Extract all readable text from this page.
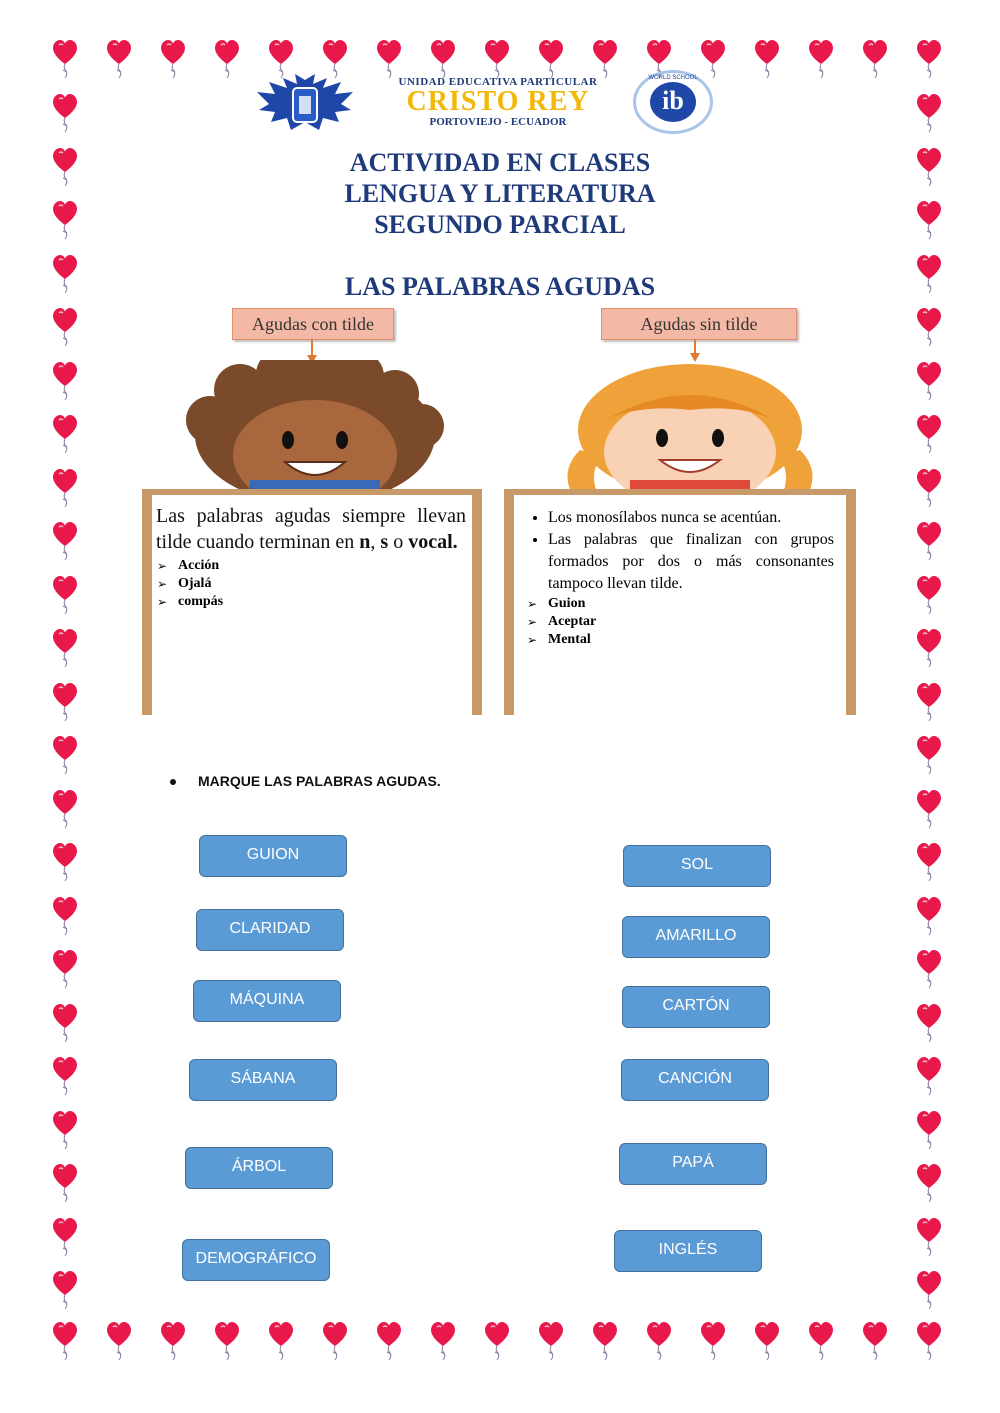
UNIDAD EDUCATIVA PARTICULAR
CRISTO REY
PORTOVIEJO - ECUADOR
WORLD SCHOOL
ib
ACTIVIDAD EN CLASES
LENGUA Y LITERATURA
SEGUNDO PARCIAL
LAS PALABRAS AGUDAS
Agudas con tilde
Las palabras agudas siempre llevan tilde cuando terminan en n, s o vocal.
➢ Acción
➢ Ojalá
➢ compás
Agudas sin tilde
• Los monosílabos nunca se acentúan.
• Las palabras que finalizan con grupos formados por dos o más consonantes tampoco llevan tilde.
➢ Guion
➢ Aceptar
➢ Mental
MARQUE LAS PALABRAS AGUDAS.
GUION
CLARIDAD
MÁQUINA
SÁBANA
ÁRBOL
DEMOGRÁFICO
SOL
AMARILLO
CARTÓN
CANCIÓN
PAPÁ
INGLÉS
